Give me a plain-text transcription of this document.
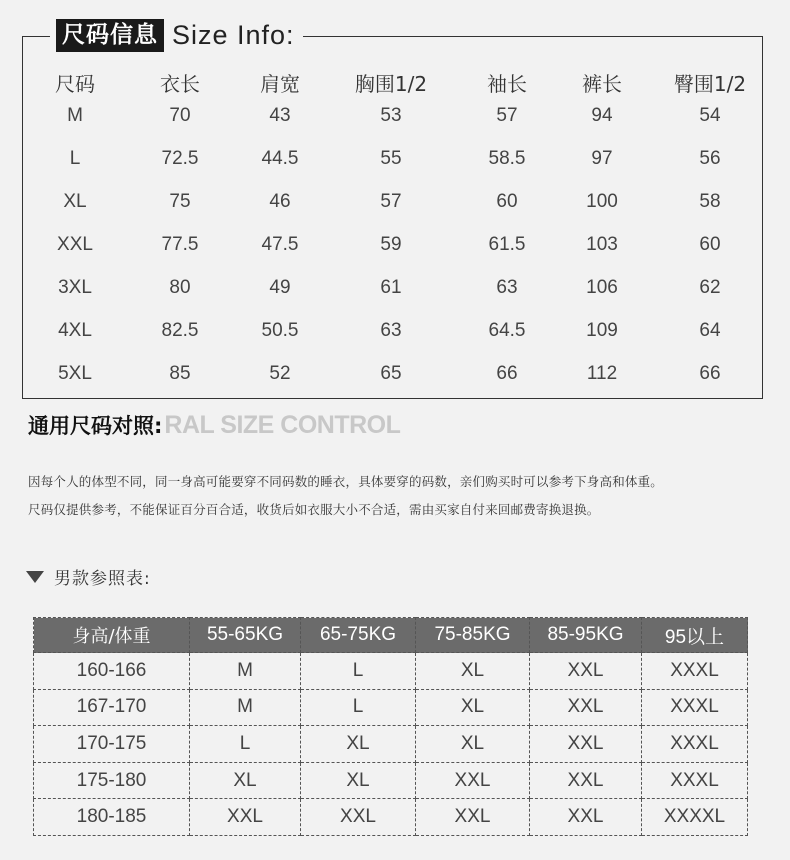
尺码信息 Size Info:
尺码	衣长	肩宽	胸围1/2	袖长	裤长	臀围1/2
M	70	43	53	57	94	54
L	72.5	44.5	55	58.5	97	56
XL	75	46	57	60	100	58
XXL	77.5	47.5	59	61.5	103	60
3XL	80	49	61	63	106	62
4XL	82.5	50.5	63	64.5	109	64
5XL	85	52	65	66	112	66
通用尺码对照: RAL SIZE CONTROL
因每个人的体型不同，同一身高可能要穿不同码数的睡衣，具体要穿的码数，亲们购买时可以参考下身高和体重。
尺码仅提供参考，不能保证百分百合适，收货后如衣服大小不合适，需由买家自付来回邮费寄换退换。
男款参照表:
身高/体重	55-65KG	65-75KG	75-85KG	85-95KG	95以上
160-166	M	L	XL	XXL	XXXL
167-170	M	L	XL	XXL	XXXL
170-175	L	XL	XL	XXL	XXXL
175-180	XL	XL	XXL	XXL	XXXL
180-185	XXL	XXL	XXL	XXL	XXXXL
